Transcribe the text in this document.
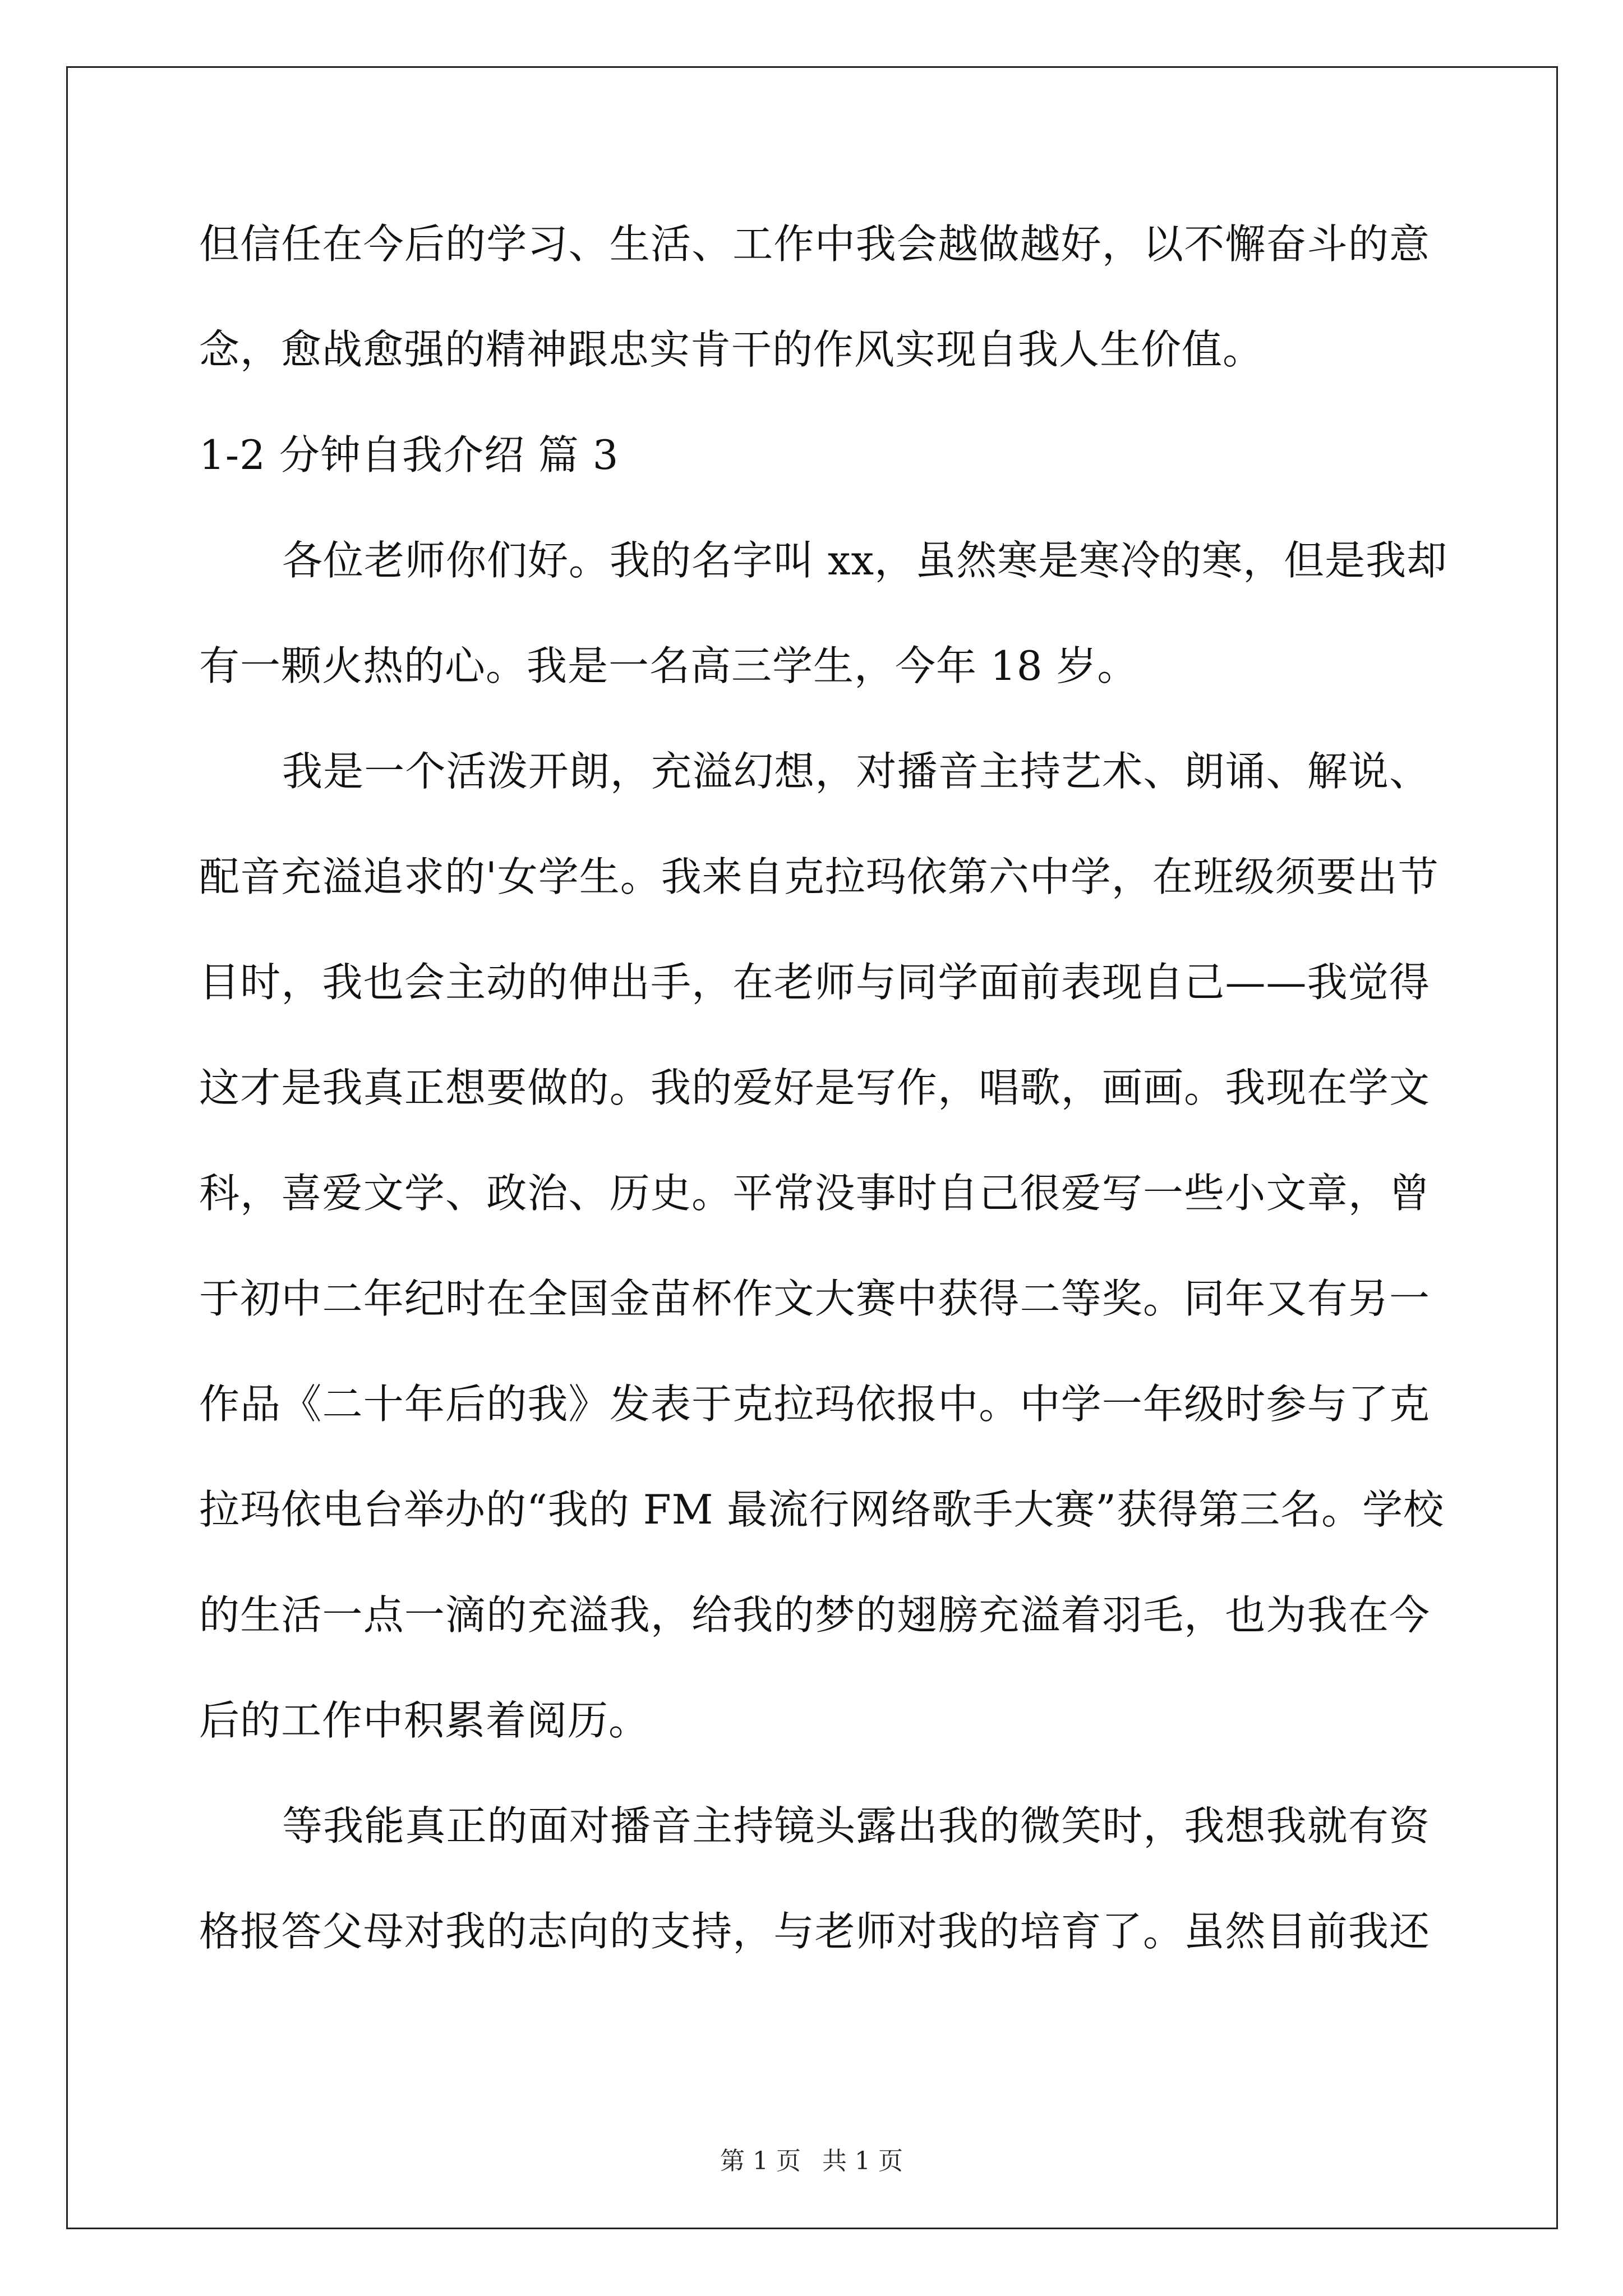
但信任在今后的学习、生活、工作中我会越做越好，以不懈奋斗的意
念，愈战愈强的精神跟忠实肯干的作风实现自我人生价值。
1-2 分钟自我介绍 篇 3
各位老师你们好。我的名字叫 xx，虽然寒是寒冷的寒，但是我却
有一颗火热的心。我是一名高三学生，今年 18 岁。
我是一个活泼开朗，充溢幻想，对播音主持艺术、朗诵、解说、
配音充溢追求的'女学生。我来自克拉玛依第六中学，在班级须要出节
目时，我也会主动的伸出手，在老师与同学面前表现自己——我觉得
这才是我真正想要做的。我的爱好是写作，唱歌，画画。我现在学文
科，喜爱文学、政治、历史。平常没事时自己很爱写一些小文章，曾
于初中二年纪时在全国金苗杯作文大赛中获得二等奖。同年又有另一
作品《二十年后的我》发表于克拉玛依报中。中学一年级时参与了克
拉玛依电台举办的“我的 FM 最流行网络歌手大赛”获得第三名。学校
的生活一点一滴的充溢我，给我的梦的翅膀充溢着羽毛，也为我在今
后的工作中积累着阅历。
等我能真正的面对播音主持镜头露出我的微笑时，我想我就有资
格报答父母对我的志向的支持，与老师对我的培育了。虽然目前我还
第 1 页 共 1 页
